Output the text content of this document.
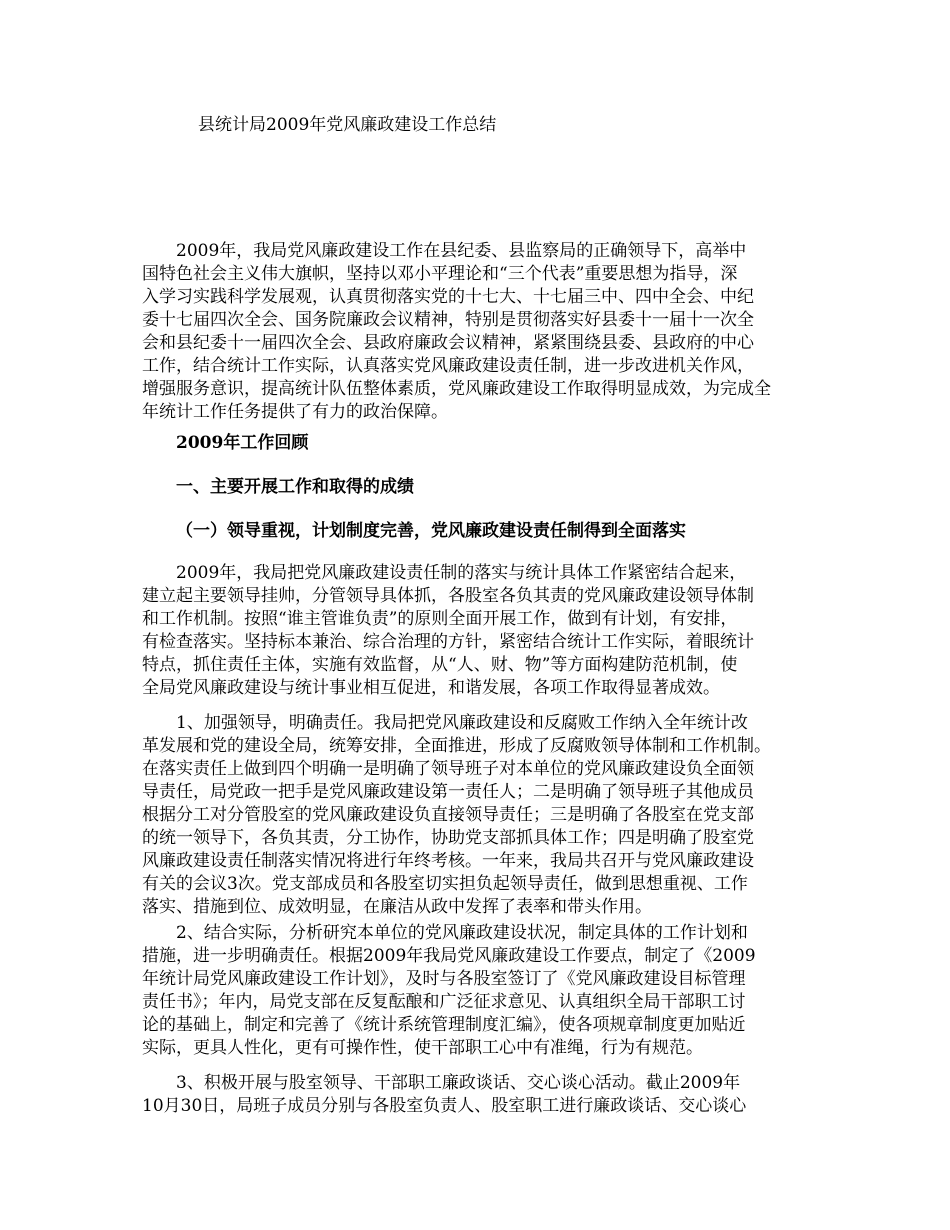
县统计局2009年党风廉政建设工作总结
　　2009年，我局党风廉政建设工作在县纪委、县监察局的正确领导下，高举中
国特色社会主义伟大旗帜，坚持以邓小平理论和“三个代表”重要思想为指导，深
入学习实践科学发展观，认真贯彻落实党的十七大、十七届三中、四中全会、中纪
委十七届四次全会、国务院廉政会议精神，特别是贯彻落实好县委十一届十一次全
会和县纪委十一届四次全会、县政府廉政会议精神，紧紧围绕县委、县政府的中心
工作，结合统计工作实际，认真落实党风廉政建设责任制，进一步改进机关作风，
增强服务意识，提高统计队伍整体素质，党风廉政建设工作取得明显成效，为完成全
年统计工作任务提供了有力的政治保障。
2009年工作回顾
一、主要开展工作和取得的成绩
（一）领导重视，计划制度完善，党风廉政建设责任制得到全面落实
　　2009年，我局把党风廉政建设责任制的落实与统计具体工作紧密结合起来，
建立起主要领导挂帅，分管领导具体抓，各股室各负其责的党风廉政建设领导体制
和工作机制。按照“谁主管谁负责”的原则全面开展工作，做到有计划，有安排，
有检查落实。坚持标本兼治、综合治理的方针，紧密结合统计工作实际，着眼统计
特点，抓住责任主体，实施有效监督，从“人、财、物”等方面构建防范机制，使
全局党风廉政建设与统计事业相互促进，和谐发展，各项工作取得显著成效。
　　1、加强领导，明确责任。我局把党风廉政建设和反腐败工作纳入全年统计改
革发展和党的建设全局，统筹安排，全面推进，形成了反腐败领导体制和工作机制。
在落实责任上做到四个明确一是明确了领导班子对本单位的党风廉政建设负全面领
导责任，局党政一把手是党风廉政建设第一责任人；二是明确了领导班子其他成员
根据分工对分管股室的党风廉政建设负直接领导责任；三是明确了各股室在党支部
的统一领导下，各负其责，分工协作，协助党支部抓具体工作；四是明确了股室党
风廉政建设责任制落实情况将进行年终考核。一年来，我局共召开与党风廉政建设
有关的会议3次。党支部成员和各股室切实担负起领导责任，做到思想重视、工作
落实、措施到位、成效明显，在廉洁从政中发挥了表率和带头作用。
　　2、结合实际，分析研究本单位的党风廉政建设状况，制定具体的工作计划和
措施，进一步明确责任。根据2009年我局党风廉政建设工作要点，制定了《2009
年统计局党风廉政建设工作计划》，及时与各股室签订了《党风廉政建设目标管理
责任书》；年内，局党支部在反复酝酿和广泛征求意见、认真组织全局干部职工讨
论的基础上，制定和完善了《统计系统管理制度汇编》，使各项规章制度更加贴近
实际，更具人性化，更有可操作性，使干部职工心中有准绳，行为有规范。
　　3、积极开展与股室领导、干部职工廉政谈话、交心谈心活动。截止2009年
10月30日，局班子成员分别与各股室负责人、股室职工进行廉政谈话、交心谈心
